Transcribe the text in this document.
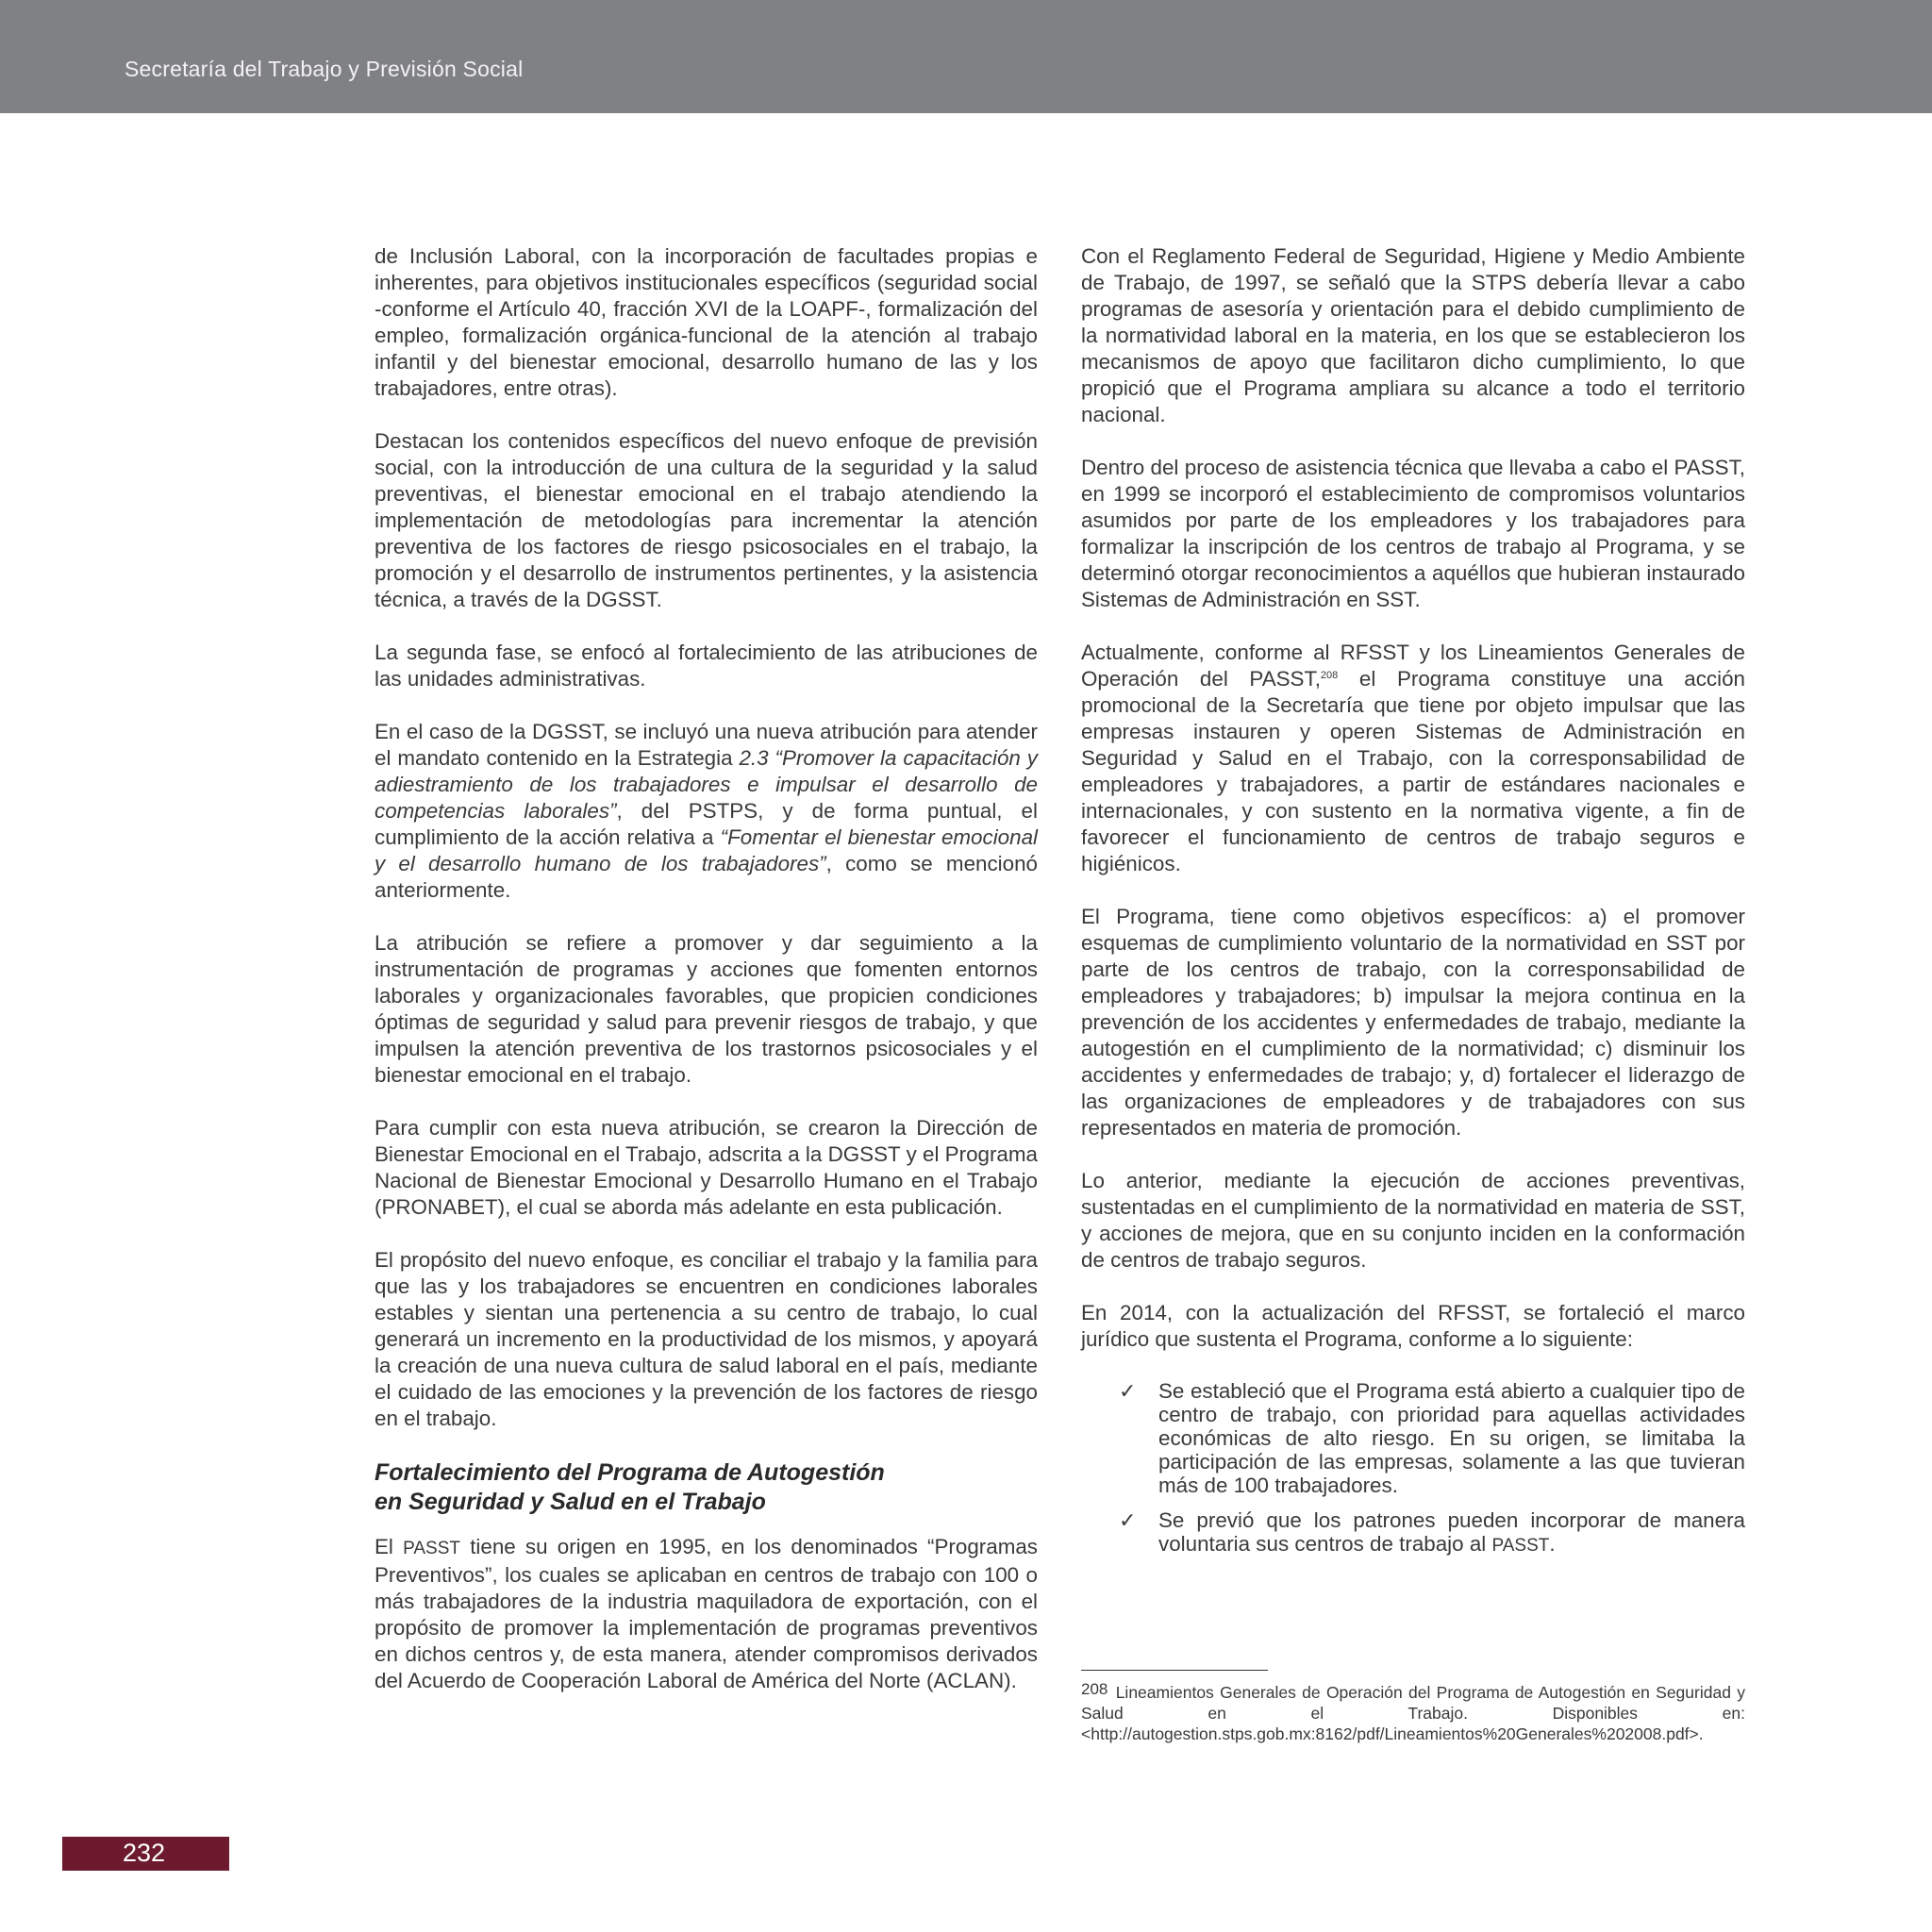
Secretaría del Trabajo y Previsión Social

de Inclusión Laboral, con la incorporación de facultades propias e inherentes, para objetivos institucionales específicos (seguridad social -conforme el Artículo 40, fracción XVI de la LOAPF-, formalización del empleo, formalización orgánica-funcional de la atención al trabajo infantil y del bienestar emocional, desarrollo humano de las y los trabajadores, entre otras).

Destacan los contenidos específicos del nuevo enfoque de previsión social, con la introducción de una cultura de la seguridad y la salud preventivas, el bienestar emocional en el trabajo atendiendo la implementación de metodologías para incrementar la atención preventiva de los factores de riesgo psicosociales en el trabajo, la promoción y el desarrollo de instrumentos pertinentes, y la asistencia técnica, a través de la DGSST.

La segunda fase, se enfocó al fortalecimiento de las atribuciones de las unidades administrativas.

En el caso de la DGSST, se incluyó una nueva atribución para atender el mandato contenido en la Estrategia 2.3 “Promover la capacitación y adiestramiento de los trabajadores e impulsar el desarrollo de competencias laborales”, del PSTPS, y de forma puntual, el cumplimiento de la acción relativa a “Fomentar el bienestar emocional y el desarrollo humano de los trabajadores”, como se mencionó anteriormente.

La atribución se refiere a promover y dar seguimiento a la instrumentación de programas y acciones que fomenten entornos laborales y organizacionales favorables, que propicien condiciones óptimas de seguridad y salud para prevenir riesgos de trabajo, y que impulsen la atención preventiva de los trastornos psicosociales y el bienestar emocional en el trabajo.

Para cumplir con esta nueva atribución, se crearon la Dirección de Bienestar Emocional en el Trabajo, adscrita a la DGSST y el Programa Nacional de Bienestar Emocional y Desarrollo Humano en el Trabajo (PRONABET), el cual se aborda más adelante en esta publicación.

El propósito del nuevo enfoque, es conciliar el trabajo y la familia para que las y los trabajadores se encuentren en condiciones laborales estables y sientan una pertenencia a su centro de trabajo, lo cual generará un incremento en la productividad de los mismos, y apoyará la creación de una nueva cultura de salud laboral en el país, mediante el cuidado de las emociones y la prevención de los factores de riesgo en el trabajo.

Fortalecimiento del Programa de Autogestión
en Seguridad y Salud en el Trabajo

El PASST tiene su origen en 1995, en los denominados “Programas Preventivos”, los cuales se aplicaban en centros de trabajo con 100 o más trabajadores de la industria maquiladora de exportación, con el propósito de promover la implementación de programas preventivos en dichos centros y, de esta manera, atender compromisos derivados del Acuerdo de Cooperación Laboral de América del Norte (ACLAN).

Con el Reglamento Federal de Seguridad, Higiene y Medio Ambiente de Trabajo, de 1997, se señaló que la STPS debería llevar a cabo programas de asesoría y orientación para el debido cumplimiento de la normatividad laboral en la materia, en los que se establecieron los mecanismos de apoyo que facilitaron dicho cumplimiento, lo que propició que el Programa ampliara su alcance a todo el territorio nacional.

Dentro del proceso de asistencia técnica que llevaba a cabo el PASST, en 1999 se incorporó el establecimiento de compromisos voluntarios asumidos por parte de los empleadores y los trabajadores para formalizar la inscripción de los centros de trabajo al Programa, y se determinó otorgar reconocimientos a aquéllos que hubieran instaurado Sistemas de Administración en SST.

Actualmente, conforme al RFSST y los Lineamientos Generales de Operación del PASST,$^{208}$ el Programa constituye una acción promocional de la Secretaría que tiene por objeto impulsar que las empresas instauren y operen Sistemas de Administración en Seguridad y Salud en el Trabajo, con la corresponsabilidad de empleadores y trabajadores, a partir de estándares nacionales e internacionales, y con sustento en la normativa vigente, a fin de favorecer el funcionamiento de centros de trabajo seguros e higiénicos.

El Programa, tiene como objetivos específicos: a) el promover esquemas de cumplimiento voluntario de la normatividad en SST por parte de los centros de trabajo, con la corresponsabilidad de empleadores y trabajadores; b) impulsar la mejora continua en la prevención de los accidentes y enfermedades de trabajo, mediante la autogestión en el cumplimiento de la normatividad; c) disminuir los accidentes y enfermedades de trabajo; y, d) fortalecer el liderazgo de las organizaciones de empleadores y de trabajadores con sus representados en materia de promoción.

Lo anterior, mediante la ejecución de acciones preventivas, sustentadas en el cumplimiento de la normatividad en materia de SST, y acciones de mejora, que en su conjunto inciden en la conformación de centros de trabajo seguros.

En 2014, con la actualización del RFSST, se fortaleció el marco jurídico que sustenta el Programa, conforme a lo siguiente:

✓ Se estableció que el Programa está abierto a cualquier tipo de centro de trabajo, con prioridad para aquellas actividades económicas de alto riesgo. En su origen, se limitaba la participación de las empresas, solamente a las que tuvieran más de 100 trabajadores.
✓ Se previó que los patrones pueden incorporar de manera voluntaria sus centros de trabajo al PASST.
208 Lineamientos Generales de Operación del Programa de Autogestión en Seguridad y Salud en el Trabajo. Disponibles en: <http://autogestion.stps.gob.mx:8162/pdf/Lineamientos%20Generales%202008.pdf>.
232
